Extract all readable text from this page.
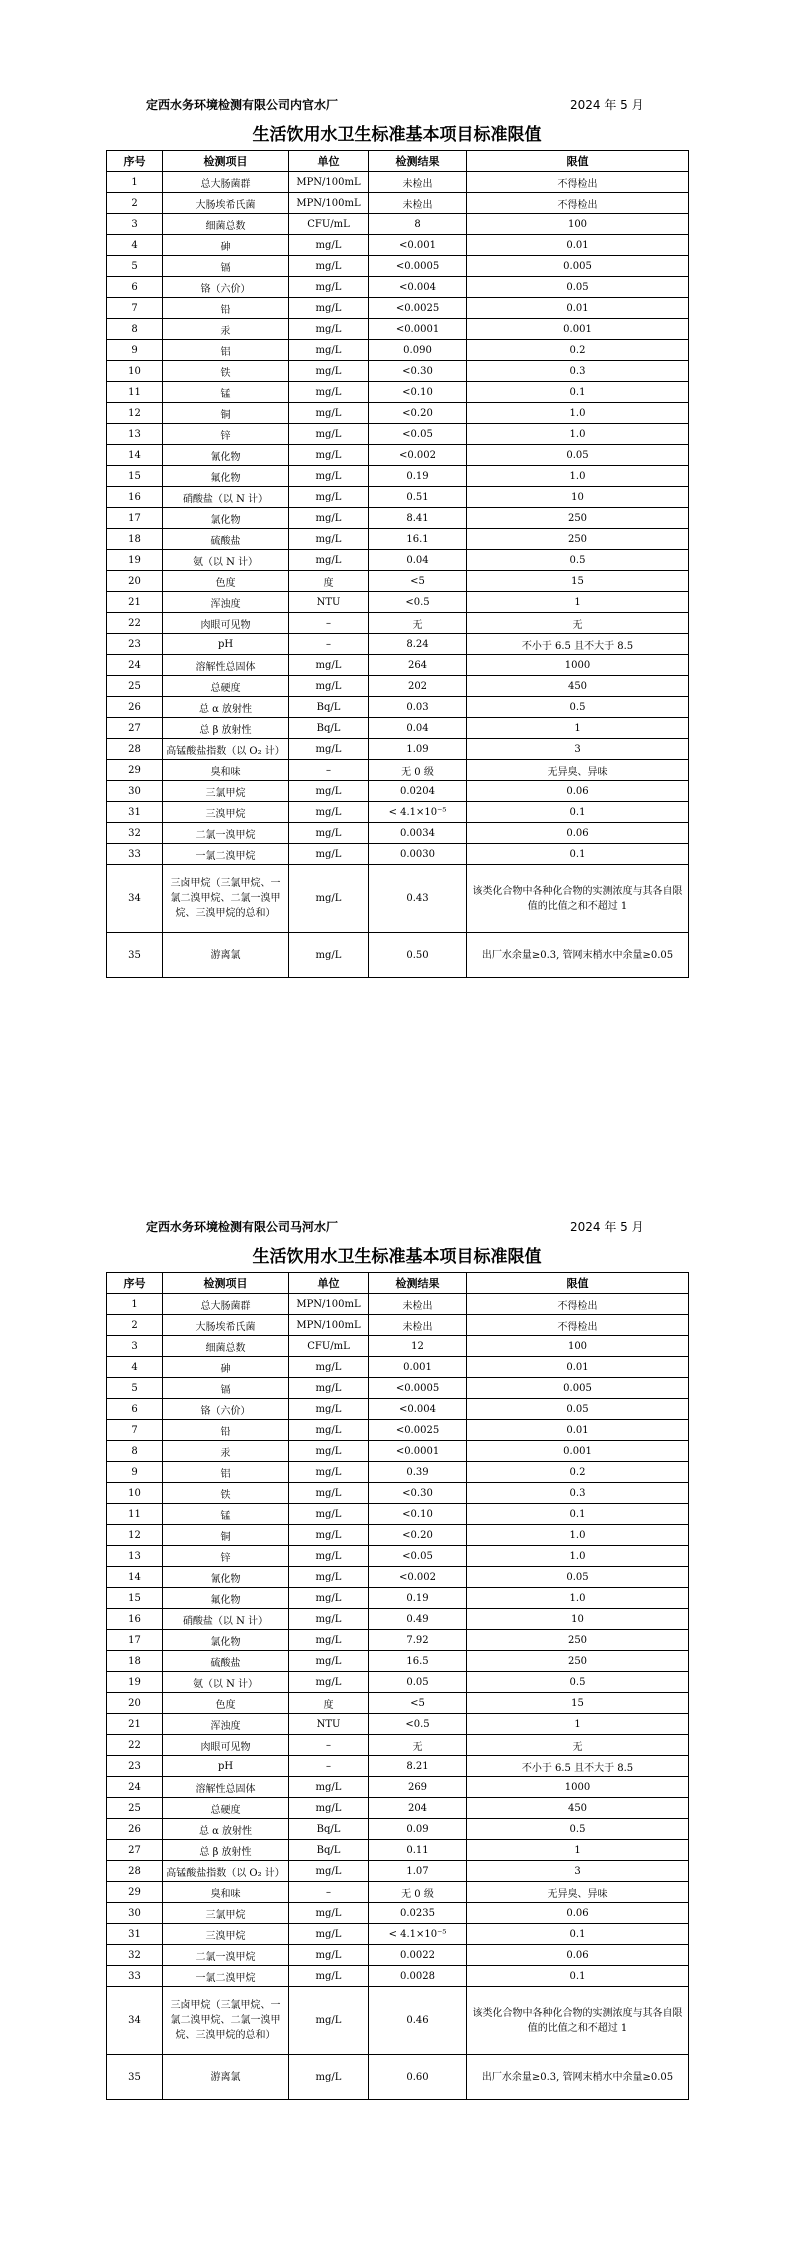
定西水务环境检测有限公司内官水厂	2024 年 5 月
生活饮用水卫生标准基本项目标准限值
序号	检测项目	单位	检测结果	限值
1	总大肠菌群	MPN/100mL	未检出	不得检出
2	大肠埃希氏菌	MPN/100mL	未检出	不得检出
3	细菌总数	CFU/mL	8	100
4	砷	mg/L	<0.001	0.01
5	镉	mg/L	<0.0005	0.005
6	铬（六价）	mg/L	<0.004	0.05
7	铅	mg/L	<0.0025	0.01
8	汞	mg/L	<0.0001	0.001
9	铝	mg/L	0.090	0.2
10	铁	mg/L	<0.30	0.3
11	锰	mg/L	<0.10	0.1
12	铜	mg/L	<0.20	1.0
13	锌	mg/L	<0.05	1.0
14	氰化物	mg/L	<0.002	0.05
15	氟化物	mg/L	0.19	1.0
16	硝酸盐（以 N 计）	mg/L	0.51	10
17	氯化物	mg/L	8.41	250
18	硫酸盐	mg/L	16.1	250
19	氨（以 N 计）	mg/L	0.04	0.5
20	色度	度	<5	15
21	浑浊度	NTU	<0.5	1
22	肉眼可见物	–	无	无
23	pH	–	8.24	不小于 6.5 且不大于 8.5
24	溶解性总固体	mg/L	264	1000
25	总硬度	mg/L	202	450
26	总 α 放射性	Bq/L	0.03	0.5
27	总 β 放射性	Bq/L	0.04	1
28	高锰酸盐指数（以 O₂ 计）	mg/L	1.09	3
29	臭和味	–	无 0 级	无异臭、异味
30	三氯甲烷	mg/L	0.0204	0.06
31	三溴甲烷	mg/L	< 4.1×10⁻⁵	0.1
32	二氯一溴甲烷	mg/L	0.0034	0.06
33	一氯二溴甲烷	mg/L	0.0030	0.1
34	三卤甲烷（三氯甲烷、一氯二溴甲烷、二氯一溴甲烷、三溴甲烷的总和）	mg/L	0.43	该类化合物中各种化合物的实测浓度与其各自限值的比值之和不超过 1
35	游离氯	mg/L	0.50	出厂水余量≥0.3, 管网末梢水中余量≥0.05
定西水务环境检测有限公司马河水厂	2024 年 5 月
生活饮用水卫生标准基本项目标准限值
序号	检测项目	单位	检测结果	限值
1	总大肠菌群	MPN/100mL	未检出	不得检出
2	大肠埃希氏菌	MPN/100mL	未检出	不得检出
3	细菌总数	CFU/mL	12	100
4	砷	mg/L	0.001	0.01
5	镉	mg/L	<0.0005	0.005
6	铬（六价）	mg/L	<0.004	0.05
7	铅	mg/L	<0.0025	0.01
8	汞	mg/L	<0.0001	0.001
9	铝	mg/L	0.39	0.2
10	铁	mg/L	<0.30	0.3
11	锰	mg/L	<0.10	0.1
12	铜	mg/L	<0.20	1.0
13	锌	mg/L	<0.05	1.0
14	氰化物	mg/L	<0.002	0.05
15	氟化物	mg/L	0.19	1.0
16	硝酸盐（以 N 计）	mg/L	0.49	10
17	氯化物	mg/L	7.92	250
18	硫酸盐	mg/L	16.5	250
19	氨（以 N 计）	mg/L	0.05	0.5
20	色度	度	<5	15
21	浑浊度	NTU	<0.5	1
22	肉眼可见物	–	无	无
23	pH	–	8.21	不小于 6.5 且不大于 8.5
24	溶解性总固体	mg/L	269	1000
25	总硬度	mg/L	204	450
26	总 α 放射性	Bq/L	0.09	0.5
27	总 β 放射性	Bq/L	0.11	1
28	高锰酸盐指数（以 O₂ 计）	mg/L	1.07	3
29	臭和味	–	无 0 级	无异臭、异味
30	三氯甲烷	mg/L	0.0235	0.06
31	三溴甲烷	mg/L	< 4.1×10⁻⁵	0.1
32	二氯一溴甲烷	mg/L	0.0022	0.06
33	一氯二溴甲烷	mg/L	0.0028	0.1
34	三卤甲烷（三氯甲烷、一氯二溴甲烷、二氯一溴甲烷、三溴甲烷的总和）	mg/L	0.46	该类化合物中各种化合物的实测浓度与其各自限值的比值之和不超过 1
35	游离氯	mg/L	0.60	出厂水余量≥0.3, 管网末梢水中余量≥0.05
